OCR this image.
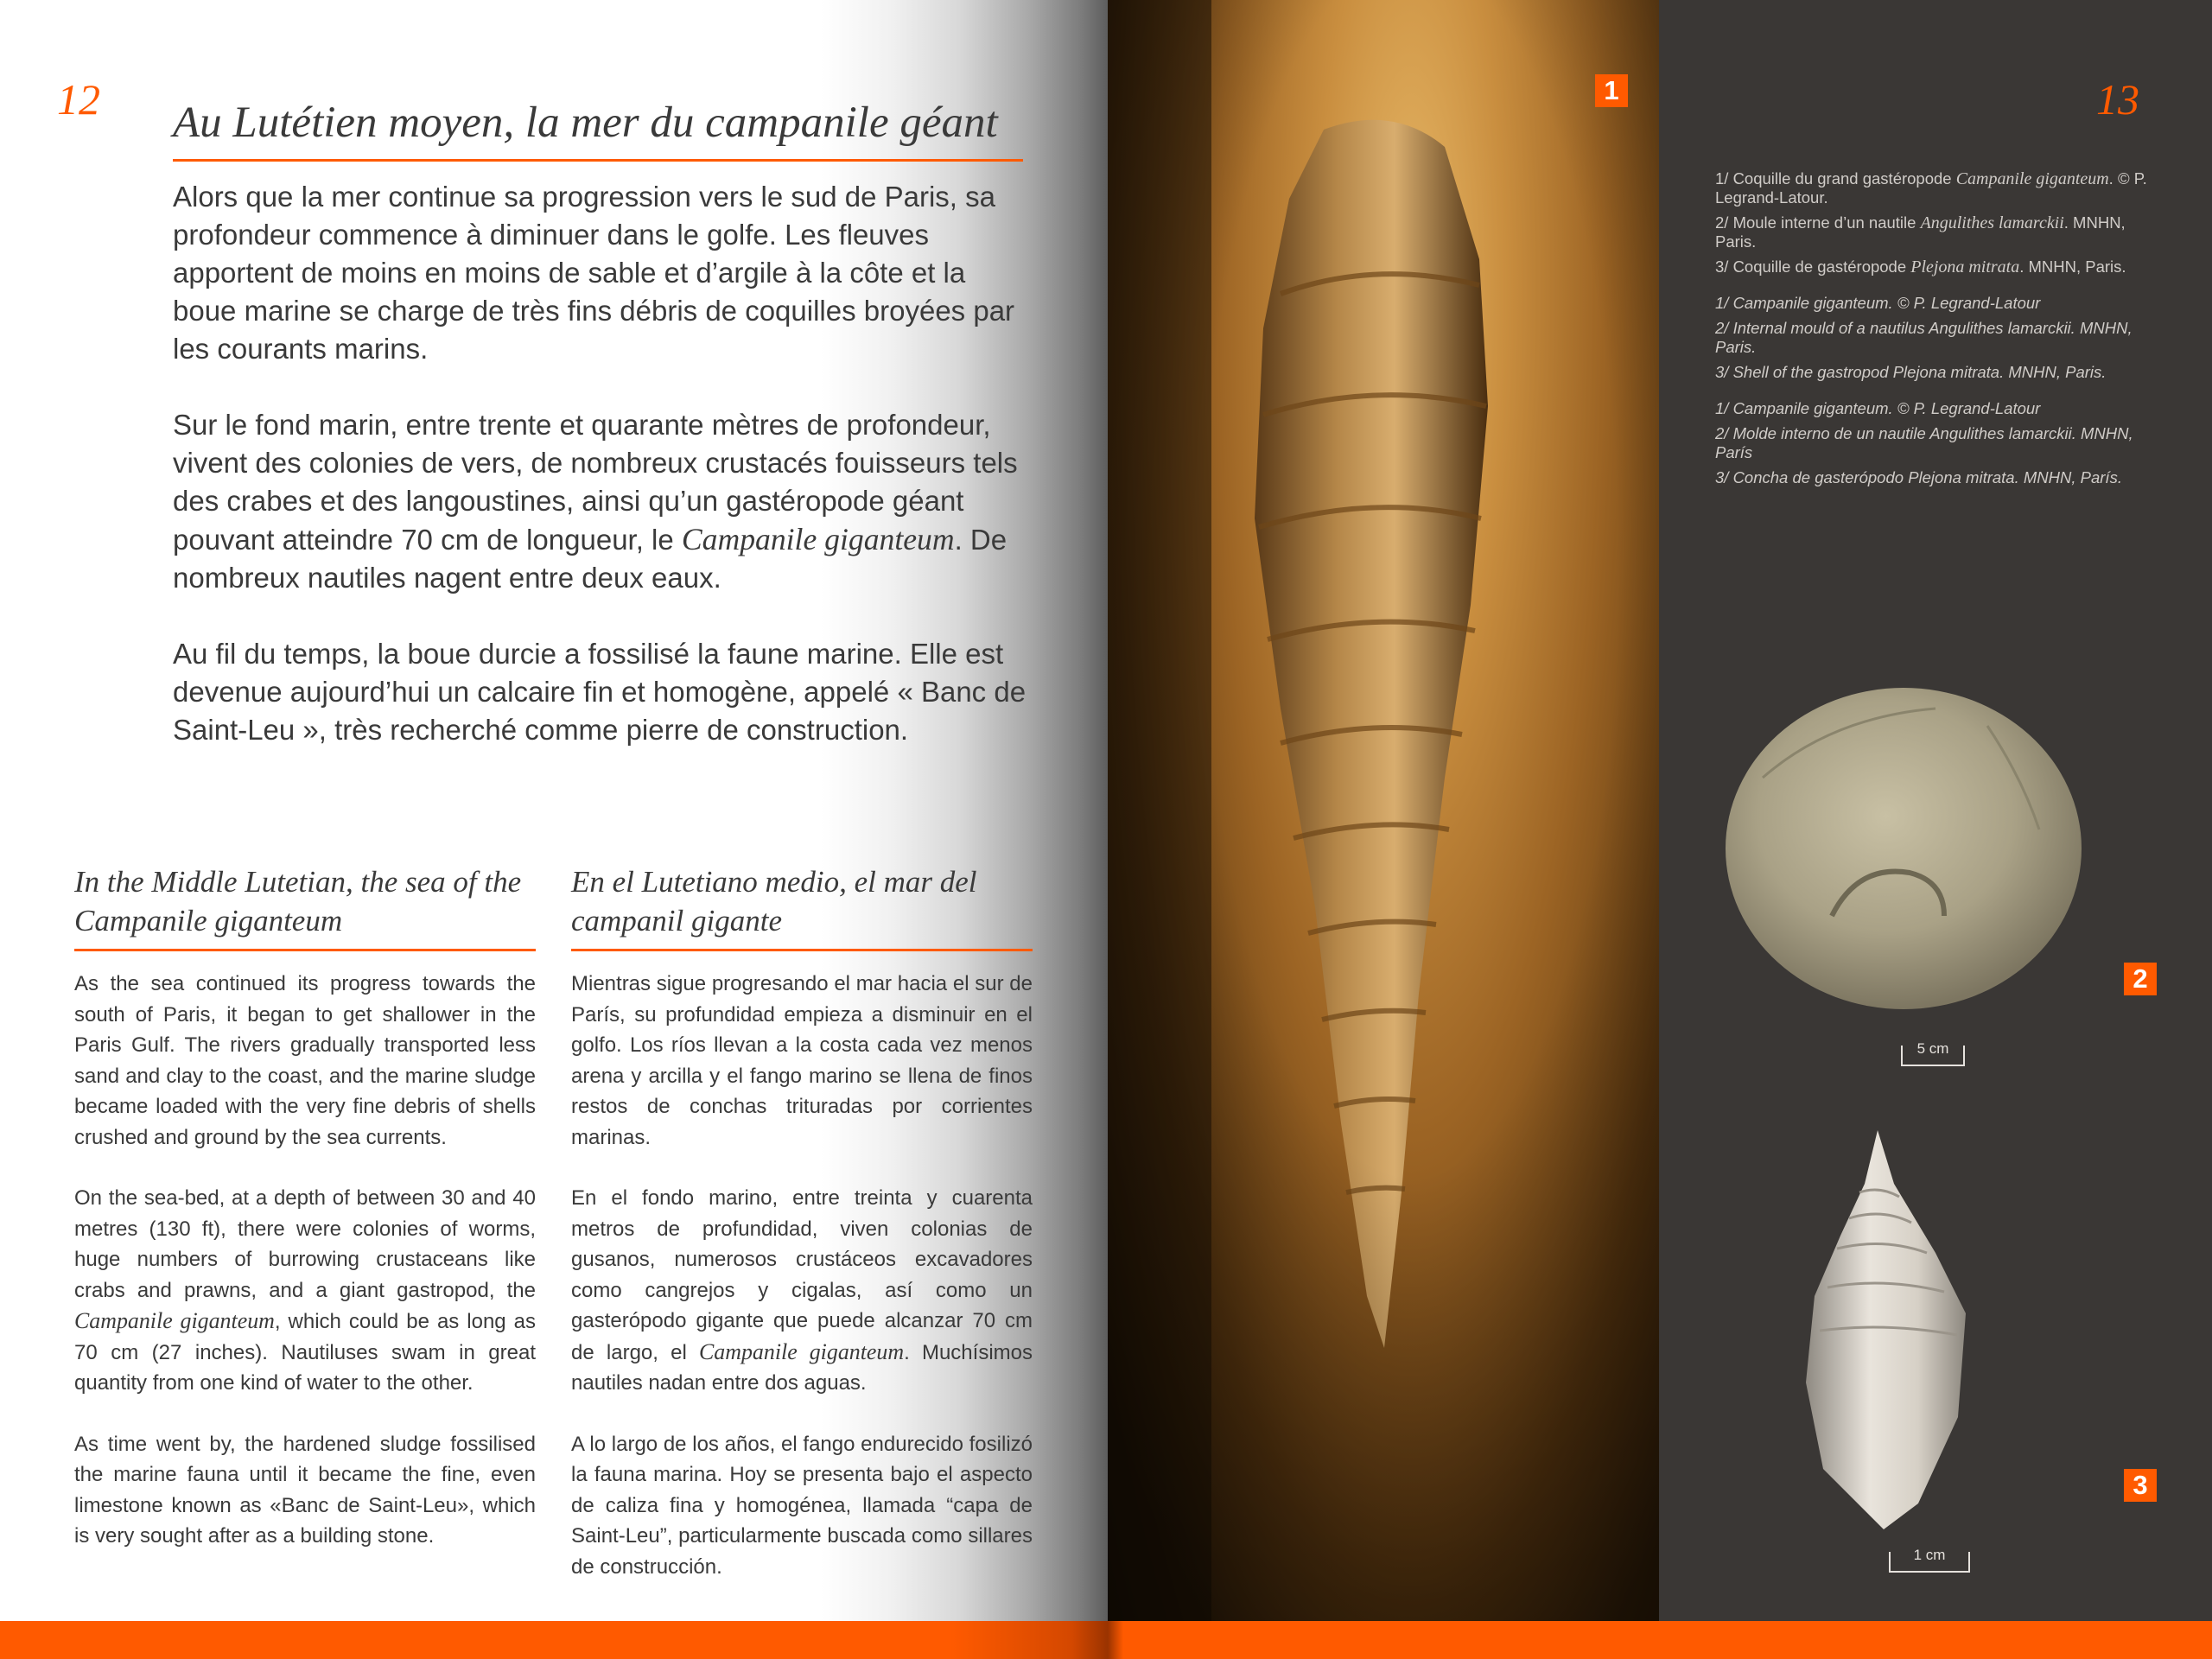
12	13
Au Lutétien moyen, la mer du campanile géant

Alors que la mer continue sa progression vers le sud de Paris, sa profondeur commence à diminuer dans le golfe. Les fleuves apportent de moins en moins de sable et d’argile à la côte et la boue marine se charge de très fins débris de coquilles broyées par les courants marins.

Sur le fond marin, entre trente et quarante mètres de profondeur, vivent des colonies de vers, de nombreux crustacés fouisseurs tels des crabes et des langoustines, ainsi qu’un gastéropode géant pouvant atteindre 70 cm de longueur, le Campanile giganteum. De nombreux nautiles nagent entre deux eaux.

Au fil du temps, la boue durcie a fossilisé la faune marine. Elle est devenue aujourd’hui un calcaire fin et homogène, appelé « Banc de Saint-Leu », très recherché comme pierre de construction.

In the Middle Lutetian, the sea of the Campanile giganteum

As the sea continued its progress towards the south of Paris, it began to get shallower in the Paris Gulf. The rivers gradually transported less sand and clay to the coast, and the marine sludge became loaded with the very fine debris of shells crushed and ground by the sea currents.

On the sea-bed, at a depth of between 30 and 40 metres (130 ft), there were colonies of worms, huge numbers of burrowing crustaceans like crabs and prawns, and a giant gastropod, the Campanile giganteum, which could be as long as 70 cm (27 inches). Nautiluses swam in great quantity from one kind of water to the other.

As time went by, the hardened sludge fossilised the marine fauna until it became the fine, even limestone known as «Banc de Saint-Leu», which is very sought after as a building stone.

En el Lutetiano medio, el mar del campanil gigante

Mientras sigue progresando el mar hacia el sur de París, su profundidad empieza a disminuir en el golfo. Los ríos llevan a la costa cada vez menos arena y arcilla y el fango marino se llena de finos restos de conchas trituradas por corrientes marinas.

En el fondo marino, entre treinta y cuarenta metros de profundidad, viven colonias de gusanos, numerosos crustáceos excavadores como cangrejos y cigalas, así como un gasterópodo gigante que puede alcanzar 70 cm de largo, el Campanile giganteum. Muchísimos nautiles nadan entre dos aguas.

A lo largo de los años, el fango endurecido fosilizó la fauna marina. Hoy se presenta bajo el aspecto de caliza fina y homogénea, llamada “capa de Saint-Leu”, particularmente buscada como sillares de construcción.

1
2
3

1/ Coquille du grand gastéropode Campanile giganteum. © P. Legrand-Latour.

2/ Moule interne d’un nautile Angulithes lamarckii. MNHN, Paris.

3/ Coquille de gastéropode Plejona mitrata. MNHN, Paris.

1/ Campanile giganteum. © P. Legrand-Latour

2/ Internal mould of a nautilus Angulithes lamarckii. MNHN, Paris.

3/ Shell of the gastropod Plejona mitrata. MNHN, Paris.

1/ Campanile giganteum. © P. Legrand-Latour

2/ Molde interno de un nautile Angulithes lamarckii. MNHN, París

3/ Concha de gasterópodo Plejona mitrata. MNHN, París.

5 cm
1 cm
